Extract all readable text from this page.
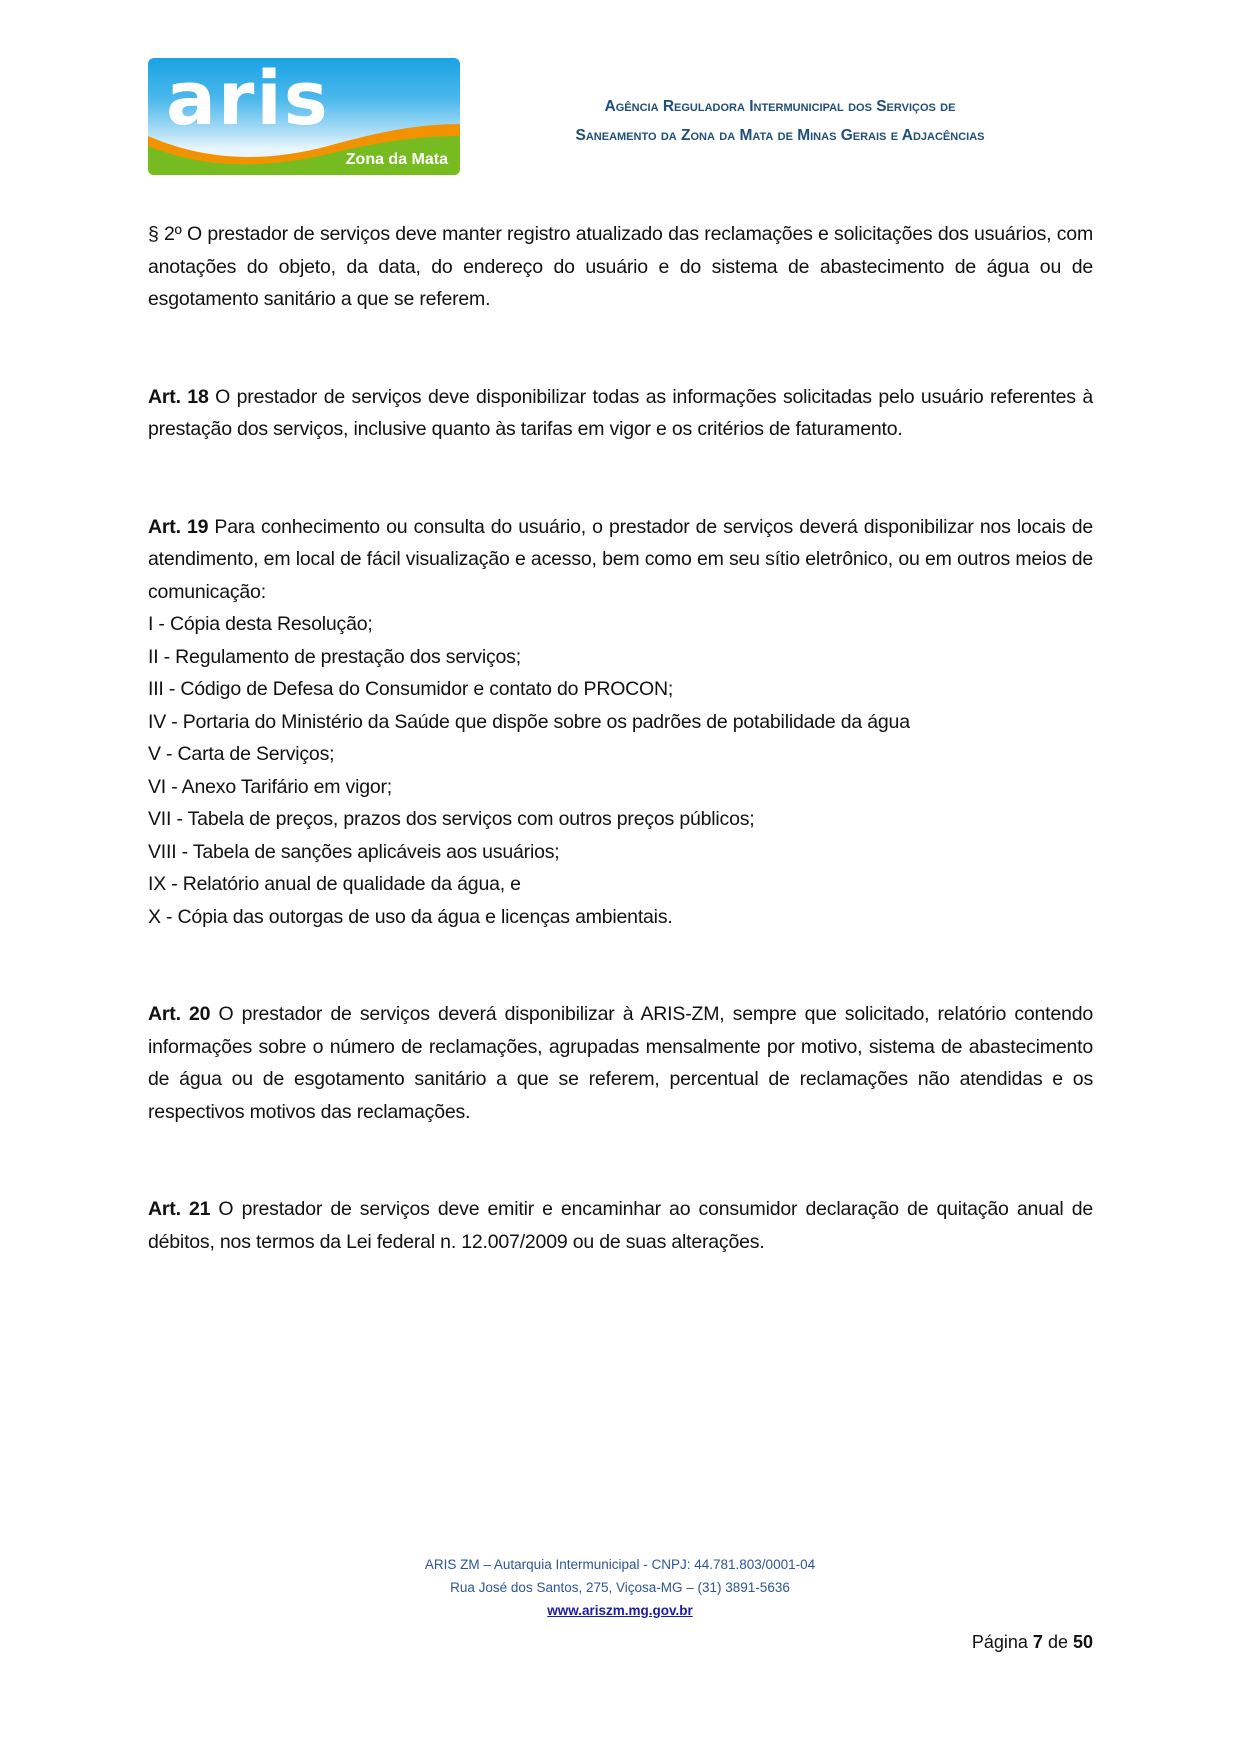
aris
Zona da Mata
Agência Reguladora Intermunicipal dos Serviços de
Saneamento da Zona da Mata de Minas Gerais e Adjacências

§ 2º O prestador de serviços deve manter registro atualizado das reclamações e solicitações dos usuários, com anotações do objeto, da data, do endereço do usuário e do sistema de abastecimento de água ou de esgotamento sanitário a que se referem.

Art. 18 O prestador de serviços deve disponibilizar todas as informações solicitadas pelo usuário referentes à prestação dos serviços, inclusive quanto às tarifas em vigor e os critérios de faturamento.

Art. 19 Para conhecimento ou consulta do usuário, o prestador de serviços deverá disponibilizar nos locais de atendimento, em local de fácil visualização e acesso, bem como em seu sítio eletrônico, ou em outros meios de comunicação:

I - Cópia desta Resolução;

II - Regulamento de prestação dos serviços;

III - Código de Defesa do Consumidor e contato do PROCON;

IV - Portaria do Ministério da Saúde que dispõe sobre os padrões de potabilidade da água

V - Carta de Serviços;

VI - Anexo Tarifário em vigor;

VII - Tabela de preços, prazos dos serviços com outros preços públicos;

VIII - Tabela de sanções aplicáveis aos usuários;

IX - Relatório anual de qualidade da água, e

X - Cópia das outorgas de uso da água e licenças ambientais.

Art. 20 O prestador de serviços deverá disponibilizar à ARIS-ZM, sempre que solicitado, relatório contendo informações sobre o número de reclamações, agrupadas mensalmente por motivo, sistema de abastecimento de água ou de esgotamento sanitário a que se referem, percentual de reclamações não atendidas e os respectivos motivos das reclamações.

Art. 21 O prestador de serviços deve emitir e encaminhar ao consumidor declaração de quitação anual de débitos, nos termos da Lei federal n. 12.007/2009 ou de suas alterações.

ARIS ZM – Autarquia Intermunicipal - CNPJ: 44.781.803/0001-04
Rua José dos Santos, 275, Viçosa-MG – (31) 3891-5636
www.ariszm.mg.gov.br
Página 7 de 50
